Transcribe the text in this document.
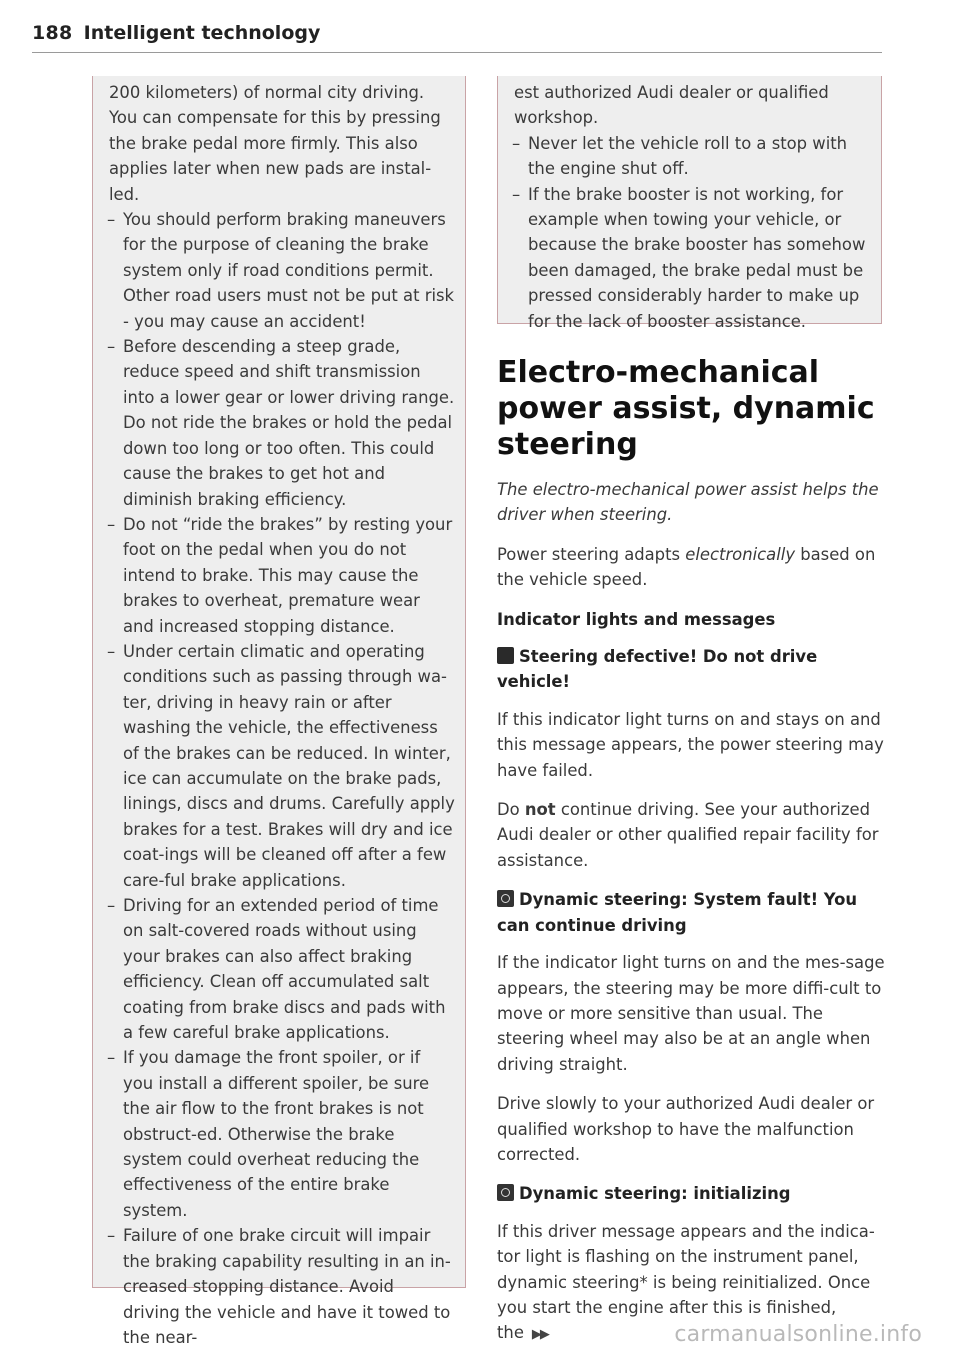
188 Intelligent technology

200 kilometers) of normal city driving. You can compensate for this by pressing the brake pedal more firmly. This also applies later when new pads are instal-led.

– You should perform braking maneuvers for the purpose of cleaning the brake system only if road conditions permit. Other road users must not be put at risk - you may cause an accident!
– Before descending a steep grade, reduce speed and shift transmission into a lower gear or lower driving range. Do not ride the brakes or hold the pedal down too long or too often. This could cause the brakes to get hot and diminish braking efficiency.
– Do not “ride the brakes” by resting your foot on the pedal when you do not intend to brake. This may cause the brakes to overheat, premature wear and increased stopping distance.
– Under certain climatic and operating conditions such as passing through wa-ter, driving in heavy rain or after washing the vehicle, the effectiveness of the brakes can be reduced. In winter, ice can accumulate on the brake pads, linings, discs and drums. Carefully apply brakes for a test. Brakes will dry and ice coat-ings will be cleaned off after a few care-ful brake applications.
– Driving for an extended period of time on salt-covered roads without using your brakes can also affect braking efficiency. Clean off accumulated salt coating from brake discs and pads with a few careful brake applications.
– If you damage the front spoiler, or if you install a different spoiler, be sure the air flow to the front brakes is not obstruct-ed. Otherwise the brake system could overheat reducing the effectiveness of the entire brake system.
– Failure of one brake circuit will impair the braking capability resulting in an in-creased stopping distance. Avoid driving the vehicle and have it towed to the near-

est authorized Audi dealer or qualified workshop.

– Never let the vehicle roll to a stop with the engine shut off.
– If the brake booster is not working, for example when towing your vehicle, or because the brake booster has somehow been damaged, the brake pedal must be pressed considerably harder to make up for the lack of booster assistance.
Electro-mechanical power assist, dynamic steering

The electro-mechanical power assist helps the driver when steering.

Power steering adapts electronically based on the vehicle speed.

Indicator lights and messages

Steering defective! Do not drive vehicle!

If this indicator light turns on and stays on and this message appears, the power steering may have failed.

Do not continue driving. See your authorized Audi dealer or other qualified repair facility for assistance.

Dynamic steering: System fault! You can continue driving

If the indicator light turns on and the mes-sage appears, the steering may be more diffi-cult to move or more sensitive than usual. The steering wheel may also be at an angle when driving straight.

Drive slowly to your authorized Audi dealer or qualified workshop to have the malfunction corrected.

Dynamic steering: initializing

If this driver message appears and the indica-tor light is flashing on the instrument panel, dynamic steering* is being reinitialized. Once you start the engine after this is finished, the ▶▶	carmanualsonline.info
